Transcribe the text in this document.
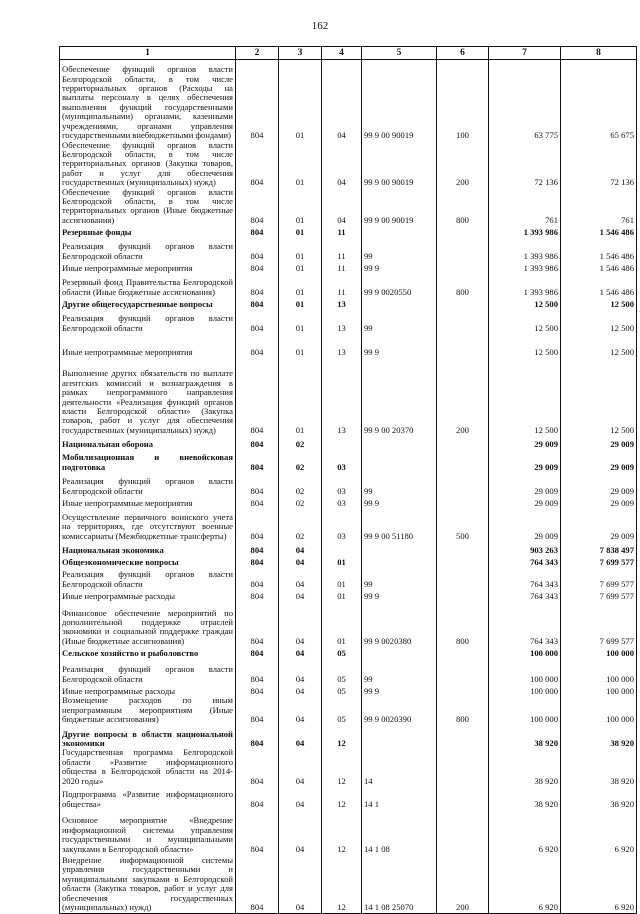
162
1	2	3	4	5	6	7	8
Обеспечение функций органов власти Белгородской области, в том числе территориальных органов (Расходы на выплаты персоналу в целях обеспечения выполнения функций государственными (муниципальными) органами, казенными учреждениями, органами управления государственными внебюджетными фондами)	804	01	04	99 9 00 90019	100	63 775	65 675
Обеспечение функций органов власти Белгородской области, в том числе территориальных органов (Закупка товаров, работ и услуг для обеспечения государственных (муниципальных) нужд)	804	01	04	99 9 00 90019	200	72 136	72 136
Обеспечение функций органов власти Белгородской области, в том числе территориальных органов (Иные бюджетные ассигнования)	804	01	04	99 9 00 90019	800	761	761
Резервные фонды	804	01	11			1 393 986	1 546 486
Реализация функций органов власти Белгородской области	804	01	11	99		1 393 986	1 546 486
Иные непрограммные мероприятия	804	01	11	99 9		1 393 986	1 546 486
Резервный фонд Правительства Белгородской области (Иные бюджетные ассигнования)	804	01	11	99 9 0020550	800	1 393 986	1 546 486
Другие общегосударственные вопросы	804	01	13			12 500	12 500
Реализация функций органов власти Белгородской области	804	01	13	99		12 500	12 500
Иные непрограммные мероприятия	804	01	13	99 9		12 500	12 500
Выполнение других обязательств по выплате агентских комиссий и вознаграждения в рамках непрограммного направления деятельности «Реализация функций органов власти Белгородской области» (Закупка товаров, работ и услуг для обеспечения государственных (муниципальных) нужд)	804	01	13	99 9 00 20370	200	12 500	12 500
Национальная оборона	804	02				29 009	29 009
Мобилизационная и вневойсковая подготовка	804	02	03			29 009	29 009
Реализация функций органов власти Белгородской области	804	02	03	99		29 009	29 009
Иные непрограммные мероприятия	804	02	03	99 9		29 009	29 009
Осуществление первичного воинского учета на территориях, где отсутствуют военные комиссариаты (Межбюджетные трансферты)	804	02	03	99 9 00 51180	500	29 009	29 009
Национальная экономика	804	04				903 263	7 838 497
Общеэкономические вопросы	804	04	01			764 343	7 699 577
Реализация функций органов власти Белгородской области	804	04	01	99		764 343	7 699 577
Иные непрограммные расходы	804	04	01	99 9		764 343	7 699 577
Финансовое обеспечение мероприятий по дополнительной поддержке отраслей экономики и социальной поддержке граждан (Иные бюджетные ассигнования)	804	04	01	99 9 0020380	800	764 343	7 699 577
Сельское хозяйство и рыболовство	804	04	05			100 000	100 000
Реализация функций органов власти Белгородской области	804	04	05	99		100 000	100 000
Иные непрограммные расходы	804	04	05	99 9		100 000	100 000
Возмещение расходов по иным непрограммным мероприятиям (Иные бюджетные ассигнования)	804	04	05	99 9 0020390	800	100 000	100 000
Другие вопросы в области национальной экономики	804	04	12			38 920	38 920
Государственная программа Белгородской области «Развитие информационного общества в Белгородской области на 2014-2020 годы»	804	04	12	14		38 920	38 920
Подпрограмма «Развитие информационного общества»	804	04	12	14 1		38 920	38 920
Основное мероприятие «Внедрение информационной системы управления государственными и муниципальными закупками в Белгородской области»	804	04	12	14 1 08		6 920	6 920
Внедрение информационной системы управления государственными и муниципальными закупками в Белгородской области (Закупка товаров, работ и услуг для обеспечения государственных (муниципальных) нужд)	804	04	12	14 1 08 25070	200	6 920	6 920
